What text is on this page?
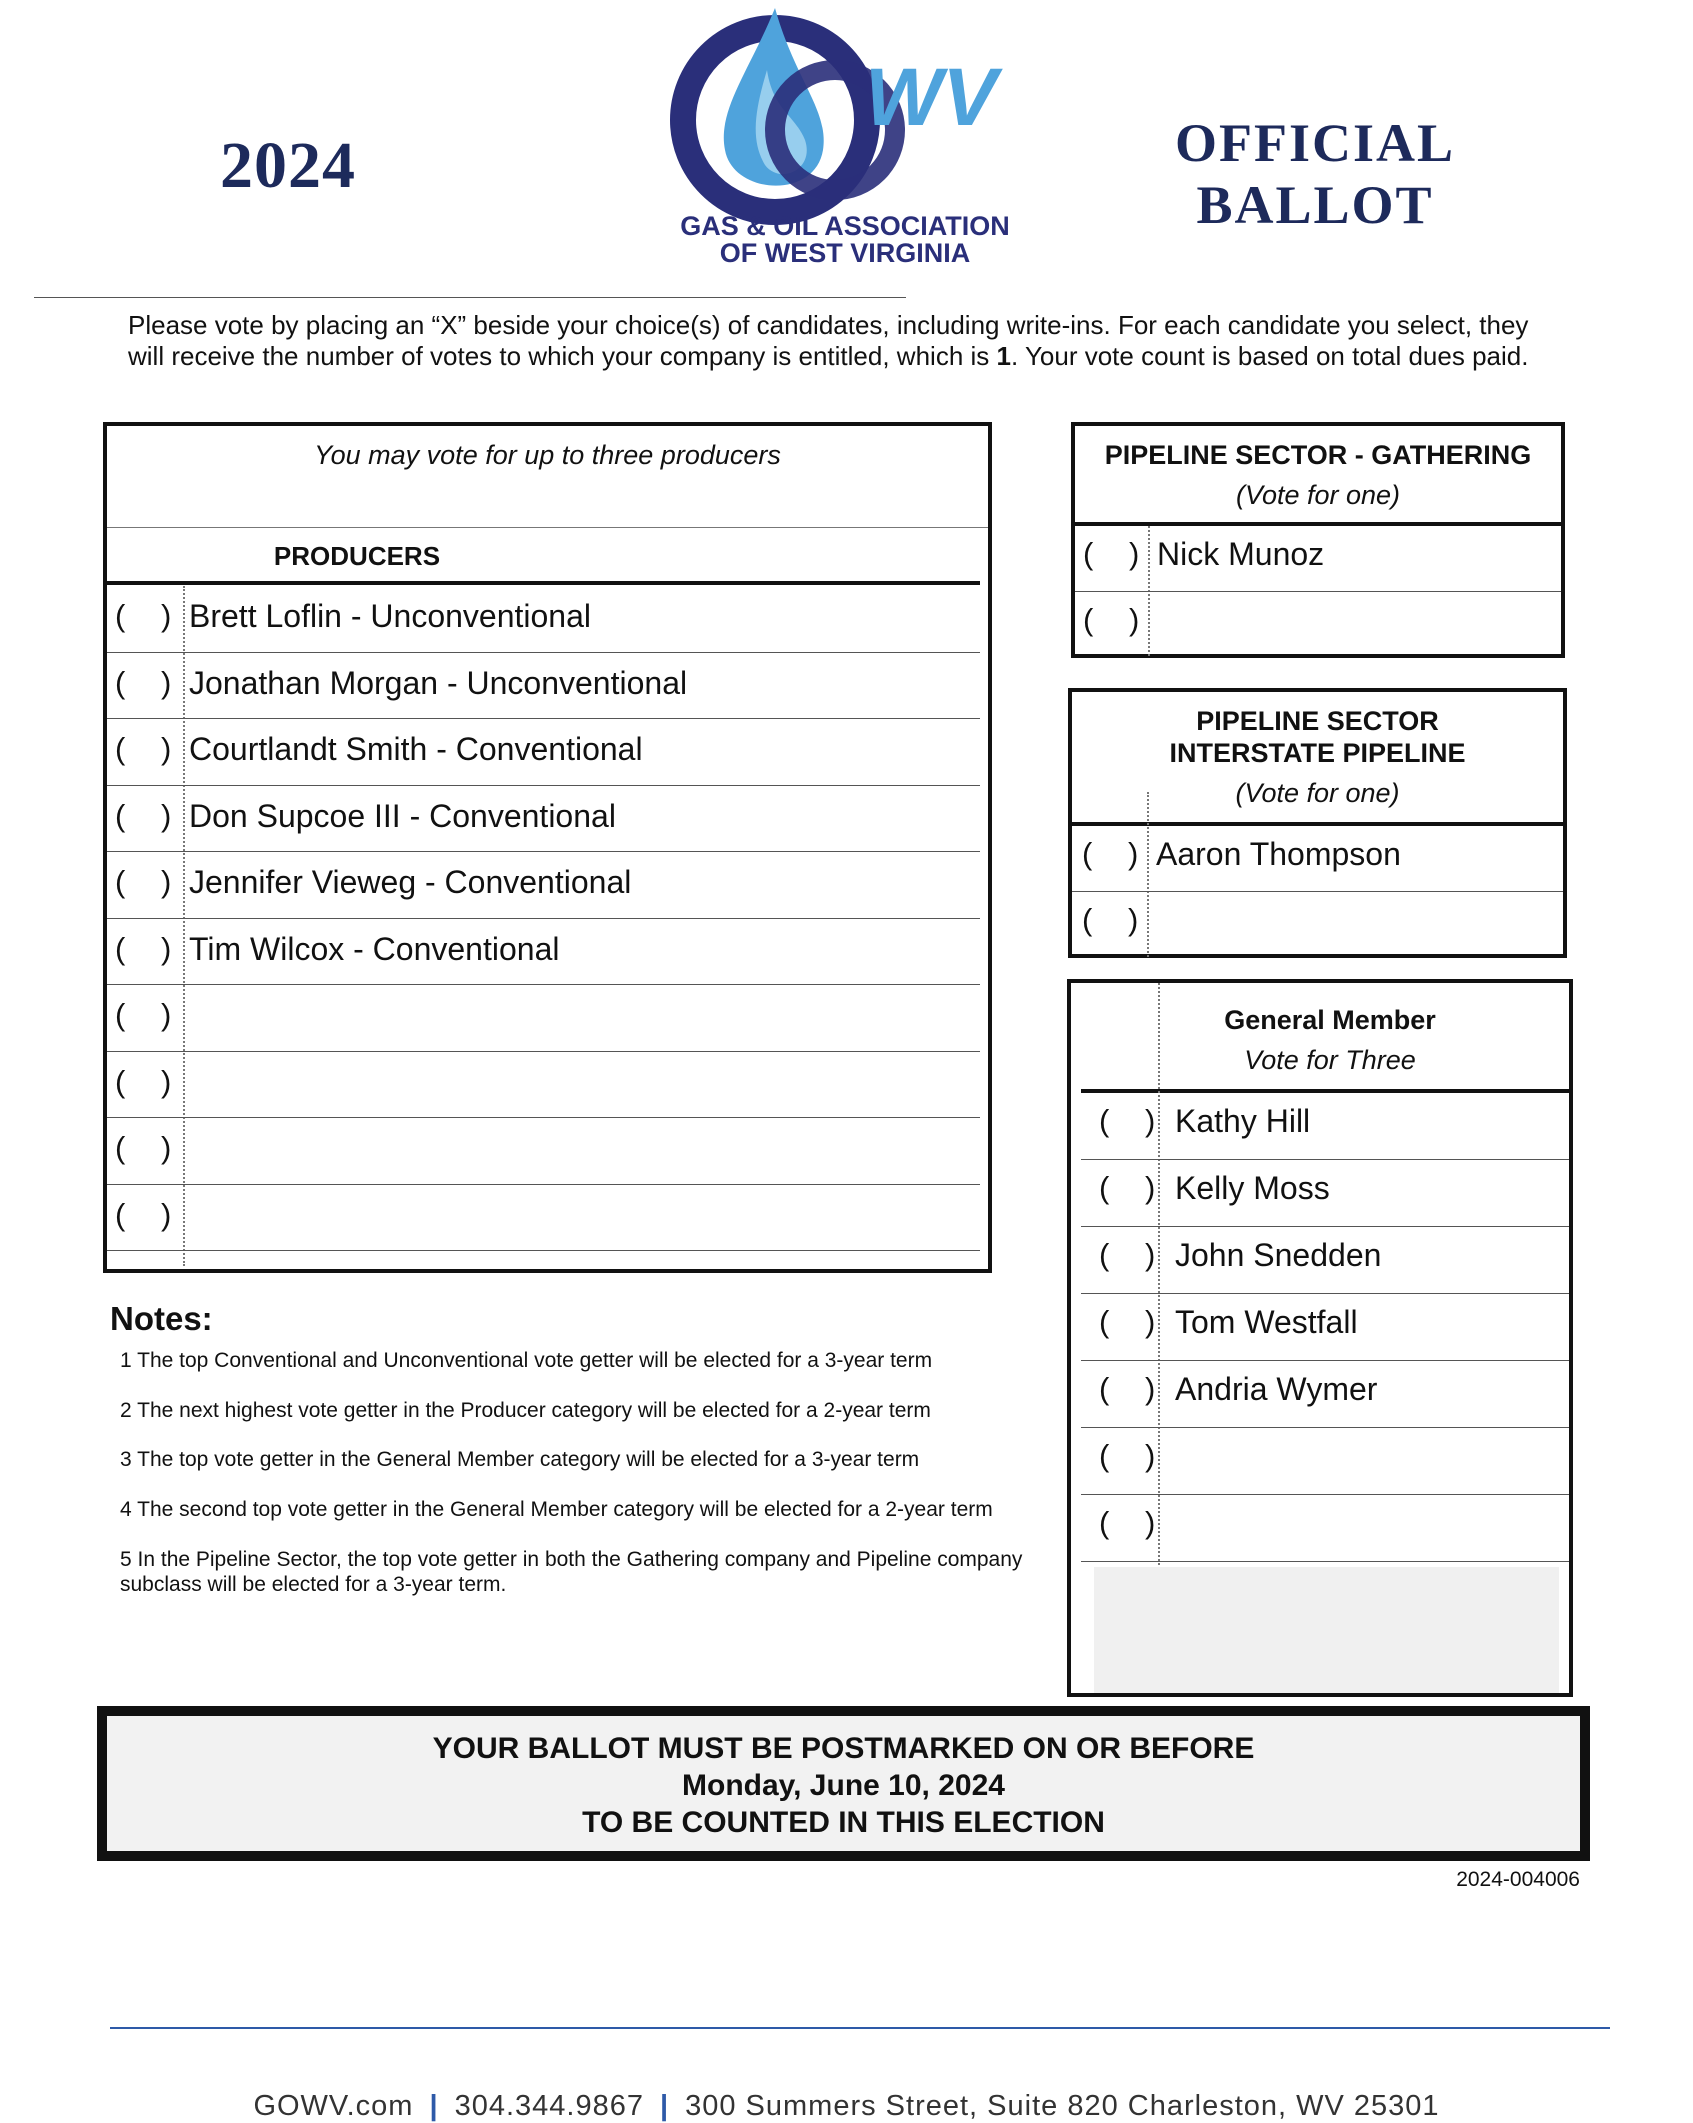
2024
WV
GAS & OIL ASSOCIATION
OF WEST VIRGINIA
OFFICIAL
BALLOT
Please vote by placing an “X” beside your choice(s) of candidates, including write-ins. For each candidate you select, they will receive the number of votes to which your company is entitled, which is 1. Your vote count is based on total dues paid.
You may vote for up to three producers
PRODUCERS
( ) Brett Loflin - Unconventional
( ) Jonathan Morgan - Unconventional
( ) Courtlandt Smith - Conventional
( ) Don Supcoe III - Conventional
( ) Jennifer Vieweg - Conventional
( ) Tim Wilcox - Conventional
( )
( )
( )
( )
PIPELINE SECTOR - GATHERING
(Vote for one)
( ) Nick Munoz
( )
PIPELINE SECTOR
INTERSTATE PIPELINE
(Vote for one)
( ) Aaron Thompson
( )
General Member
Vote for Three
( ) Kathy Hill
( ) Kelly Moss
( ) John Snedden
( ) Tom Westfall
( ) Andria Wymer
( )
( )
Notes:
1 The top Conventional and Unconventional vote getter will be elected for a 3-year term
2 The next highest vote getter in the Producer category will be elected for a 2-year term
3 The top vote getter in the General Member category will be elected for a 3-year term
4 The second top vote getter in the General Member category will be elected for a 2-year term
5 In the Pipeline Sector, the top vote getter in both the Gathering company and Pipeline company subclass will be elected for a 3-year term.
YOUR BALLOT MUST BE POSTMARKED ON OR BEFORE
Monday, June 10, 2024
TO BE COUNTED IN THIS ELECTION
2024-004006
GOWV.com | 304.344.9867 | 300 Summers Street, Suite 820 Charleston, WV 25301
